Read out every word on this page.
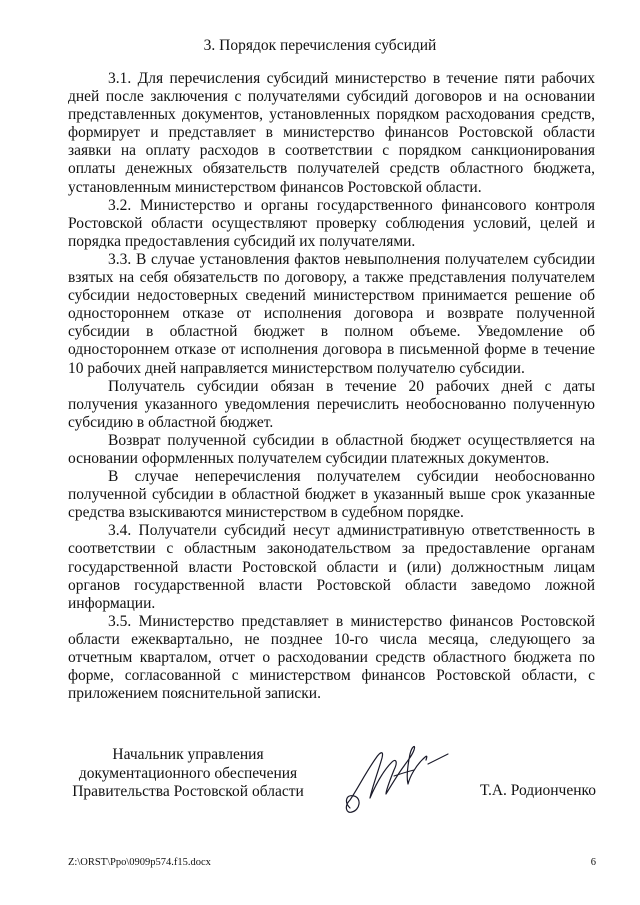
3. Порядок перечисления субсидий

3.1. Для перечисления субсидий министерство в течение пяти рабочих дней после заключения с получателями субсидий договоров и на основании представленных документов, установленных порядком расходования средств, формирует и представляет в министерство финансов Ростовской области заявки на оплату расходов в соответствии с порядком санкционирования оплаты денежных обязательств получателей средств областного бюджета, установленным министерством финансов Ростовской области.

3.2. Министерство и органы государственного финансового контроля Ростовской области осуществляют проверку соблюдения условий, целей и порядка предоставления субсидий их получателями.

3.3. В случае установления фактов невыполнения получателем субсидии взятых на себя обязательств по договору, а также представления получателем субсидии недостоверных сведений министерством принимается решение об одностороннем отказе от исполнения договора и возврате полученной субсидии в областной бюджет в полном объеме. Уведомление об одностороннем отказе от исполнения договора в письменной форме в течение 10 рабочих дней направляется министерством получателю субсидии.

Получатель субсидии обязан в течение 20 рабочих дней с даты получения указанного уведомления перечислить необоснованно полученную субсидию в областной бюджет.

Возврат полученной субсидии в областной бюджет осуществляется на основании оформленных получателем субсидии платежных документов.

В случае неперечисления получателем субсидии необоснованно полученной субсидии в областной бюджет в указанный выше срок указанные средства взыскиваются министерством в судебном порядке.

3.4. Получатели субсидий несут административную ответственность в соответствии с областным законодательством за предоставление органам государственной власти Ростовской области и (или) должностным лицам органов государственной власти Ростовской области заведомо ложной информации.

3.5. Министерство представляет в министерство финансов Ростовской области ежеквартально, не позднее 10-го числа месяца, следующего за отчетным кварталом, отчет о расходовании средств областного бюджета по форме, согласованной с министерством финансов Ростовской области, с приложением пояснительной записки.

Начальник управления
документационного обеспечения
Правительства Ростовской области	Т.А. Родионченко
Z:\ORST\Ppo\0909p574.f15.docx	6
